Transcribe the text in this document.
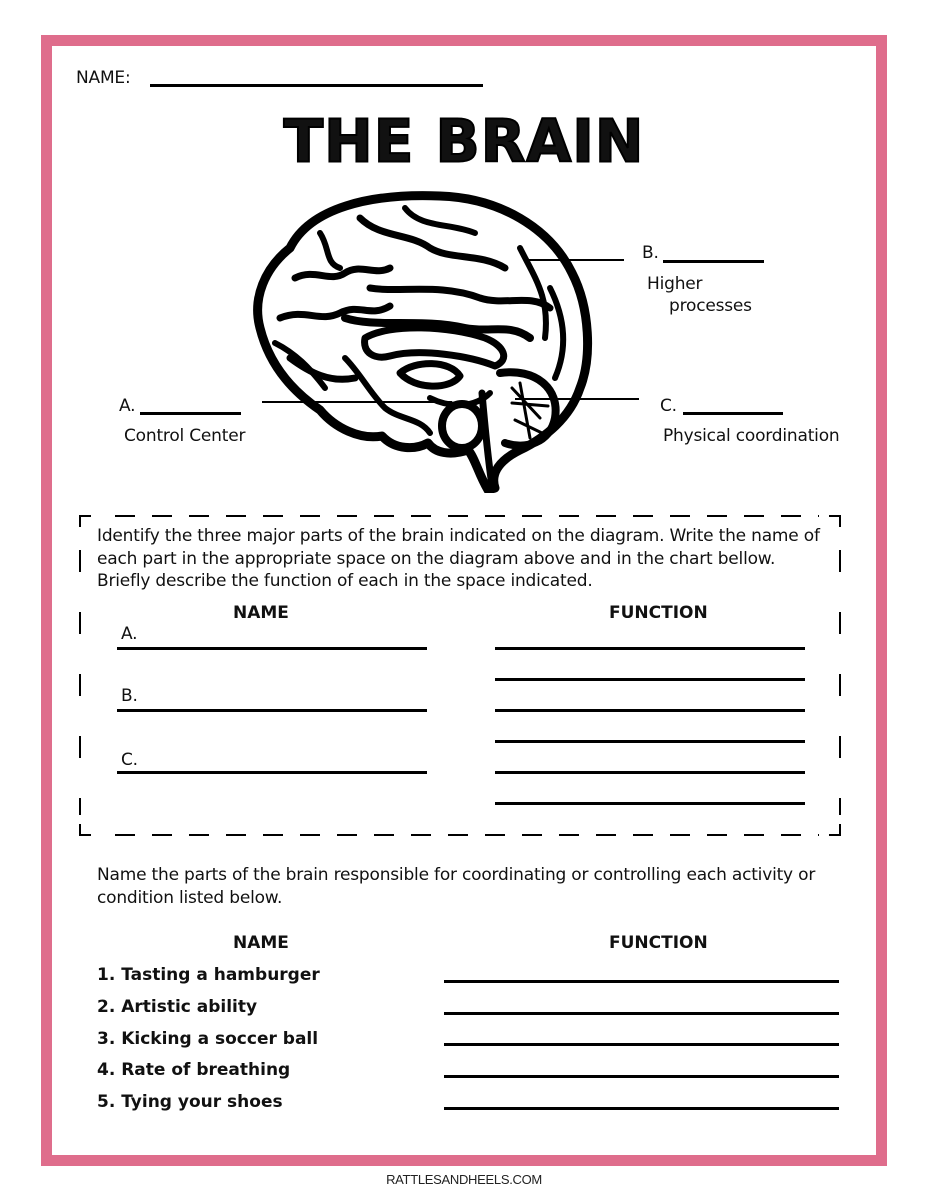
NAME:
THE BRAIN
B.
Higher
processes
A.
Control Center
C.
Physical coordination

Identify the three major parts of the brain indicated on the diagram. Write the name of each part in the appropriate space on the diagram above and in the chart bellow. Briefly describe the function of each in the space indicated.

NAME	FUNCTION
A.
B.
C.

Name the parts of the brain responsible for coordinating or controlling each activity or condition listed below.

NAME	FUNCTION
1. Tasting a hamburger
2. Artistic ability
3. Kicking a soccer ball
4. Rate of breathing
5. Tying your shoes
RATTLESANDHEELS.COM
